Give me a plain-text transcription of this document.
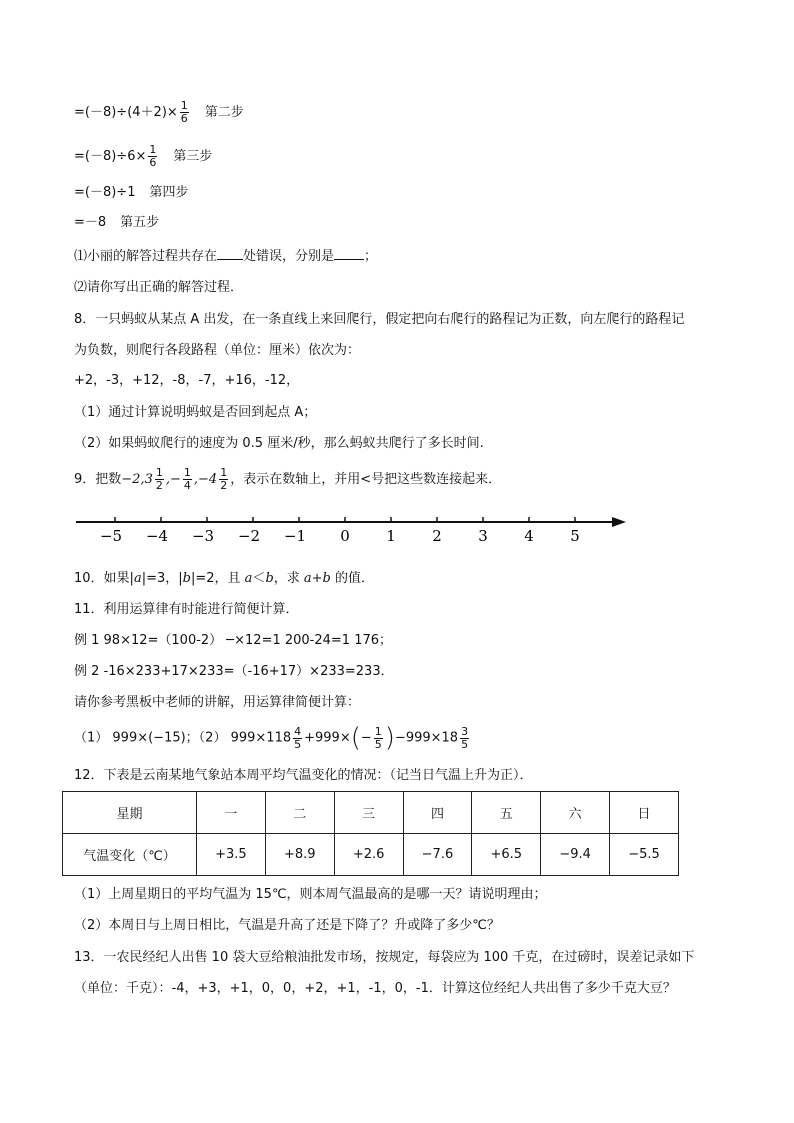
$=(-8)\div(4+2)\times \frac{1}{6}$ 第二步
$=(-8)\div 6\times \frac{1}{6}$ 第三步
=(－8)÷1 第四步
=－8 第五步
⑴小丽的解答过程共存在 处错误，分别是 ；
⑵请你写出正确的解答过程．
8．一只蚂蚁从某点 A 出发，在一条直线上来回爬行，假定把向右爬行的路程记为正数，向左爬行的路程记
为负数，则爬行各段路程（单位：厘米）依次为：
+2，-3，+12，-8，-7，+16，-12，
（1）通过计算说明蚂蚁是否回到起点 A；
（2）如果蚂蚁爬行的速度为 0.5 厘米/秒，那么蚂蚁共爬行了多长时间.
9．把数$-2,3 \frac{1}{2}$ ,− $\frac{1}{4} ,-4 \frac{1}{2}$ ，表示在数轴上，并用<号把这些数连接起来．
−5 −4 −3 −2 −1 0 1 2 3 4 5
10．如果|a|=3，|b|=2，且 a＜b，求 a+b 的值．
11．利用运算律有时能进行简便计算．
例 1 98×12=（100-2） ─×12=1 200-24=1 176；
例 2 -16×233+17×233=（-16+17）×233=233．
请你参考黑板中老师的讲解，用运算律简便计算：
（1） 999×(−15)；（2） $999\times 118 \frac{4}{5} +999\times(- \frac{1}{5} )-999\times 18 \frac{3}{5}$
12．下表是云南某地气象站本周平均气温变化的情况：（记当日气温上升为正）．
星期	一	二	三	四	五	六	日
气温变化（℃）	+3.5	+8.9	+2.6	−7.6	+6.5	−9.4	−5.5
（1）上周星期日的平均气温为 15℃，则本周气温最高的是哪一天？请说明理由；
（2）本周日与上周日相比，气温是升高了还是下降了？升或降了多少℃？
13．一农民经纪人出售 10 袋大豆给粮油批发市场，按规定，每袋应为 100 千克，在过磅时，误差记录如下
（单位：千克）：-4，+3，+1，0，0，+2，+1，-1，0，-1．计算这位经纪人共出售了多少千克大豆？
